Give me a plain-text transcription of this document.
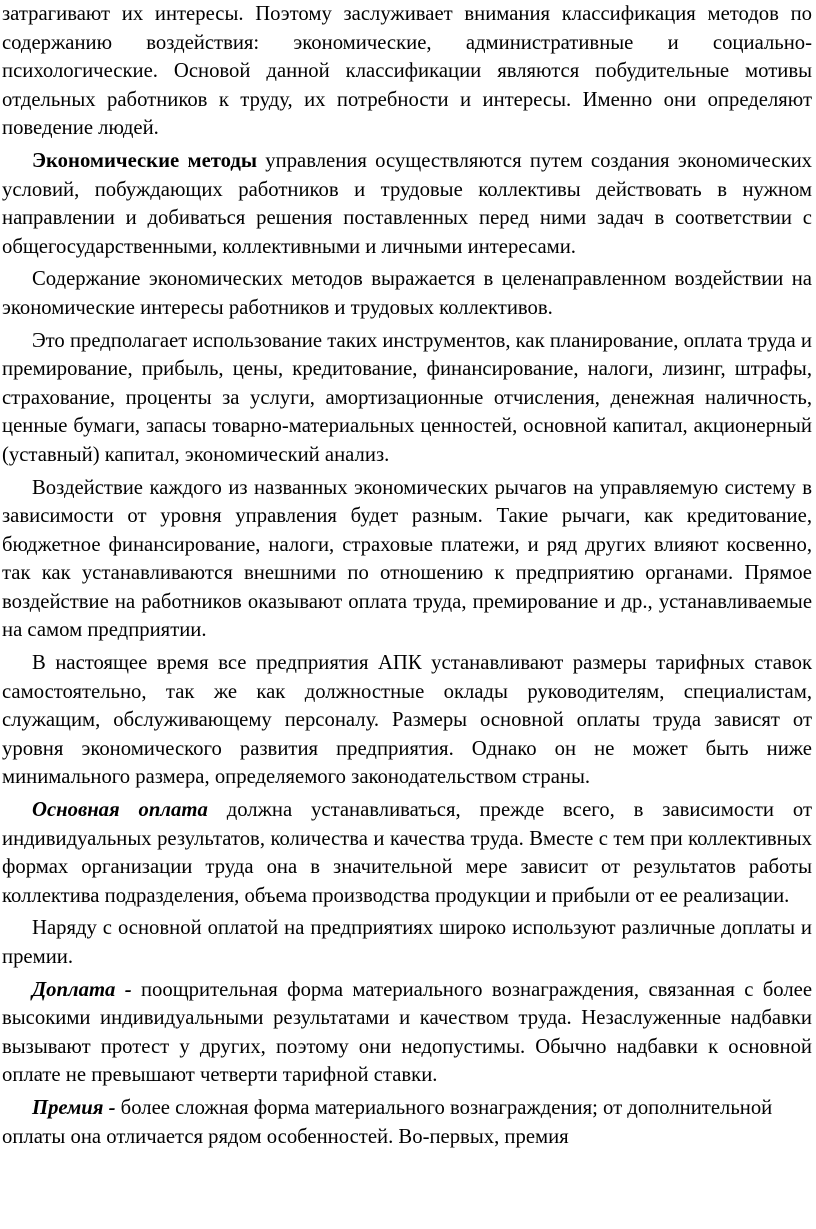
затрагивают их интересы. Поэтому заслуживает внимания классификация методов по содержанию воздействия: экономические, административные и социально-психологические. Основой данной классификации являются побудительные мотивы отдельных работников к труду, их потребности и интересы. Именно они определяют поведение людей.

Экономические методы управления осуществляются путем создания экономических условий, побуждающих работников и трудовые коллективы действовать в нужном направлении и добиваться решения поставленных перед ними задач в соответствии с общегосударственными, коллективными и личными интересами.

Содержание экономических методов выражается в целенаправленном воздействии на экономические интересы работников и трудовых коллективов.

Это предполагает использование таких инструментов, как планирование, оплата труда и премирование, прибыль, цены, кредитование, финансирование, налоги, лизинг, штрафы, страхование, проценты за услуги, амортизационные отчисления, денежная наличность, ценные бумаги, запасы товарно-материальных ценностей, основной капитал, акционерный (уставный) капитал, экономический анализ.

Воздействие каждого из названных экономических рычагов на управляемую систему в зависимости от уровня управления будет разным. Такие рычаги, как кредитование, бюджетное финансирование, налоги, страховые платежи, и ряд других влияют косвенно, так как устанавливаются внешними по отношению к предприятию органами. Прямое воздействие на работников оказывают оплата труда, премирование и др., устанавливаемые на самом предприятии.

В настоящее время все предприятия АПК устанавливают размеры тарифных ставок самостоятельно, так же как должностные оклады руководителям, специалистам, служащим, обслуживающему персоналу. Размеры основной оплаты труда зависят от уровня экономического развития предприятия. Однако он не может быть ниже минимального размера, определяемого законодательством страны.

Основная оплата должна устанавливаться, прежде всего, в зависимости от индивидуальных результатов, количества и качества труда. Вместе с тем при коллективных формах организации труда она в значительной мере зависит от результатов работы коллектива подразделения, объема производства продукции и прибыли от ее реализации.

Наряду с основной оплатой на предприятиях широко используют различные доплаты и премии.

Доплата - поощрительная форма материального вознаграждения, связанная с более высокими индивидуальными результатами и качеством труда. Незаслуженные надбавки вызывают протест у других, поэтому они недопустимы. Обычно надбавки к основной оплате не превышают четверти тарифной ставки.

Премия - более сложная форма материального вознаграждения; от дополнительной оплаты она отличается рядом особенностей. Во-первых, премия
